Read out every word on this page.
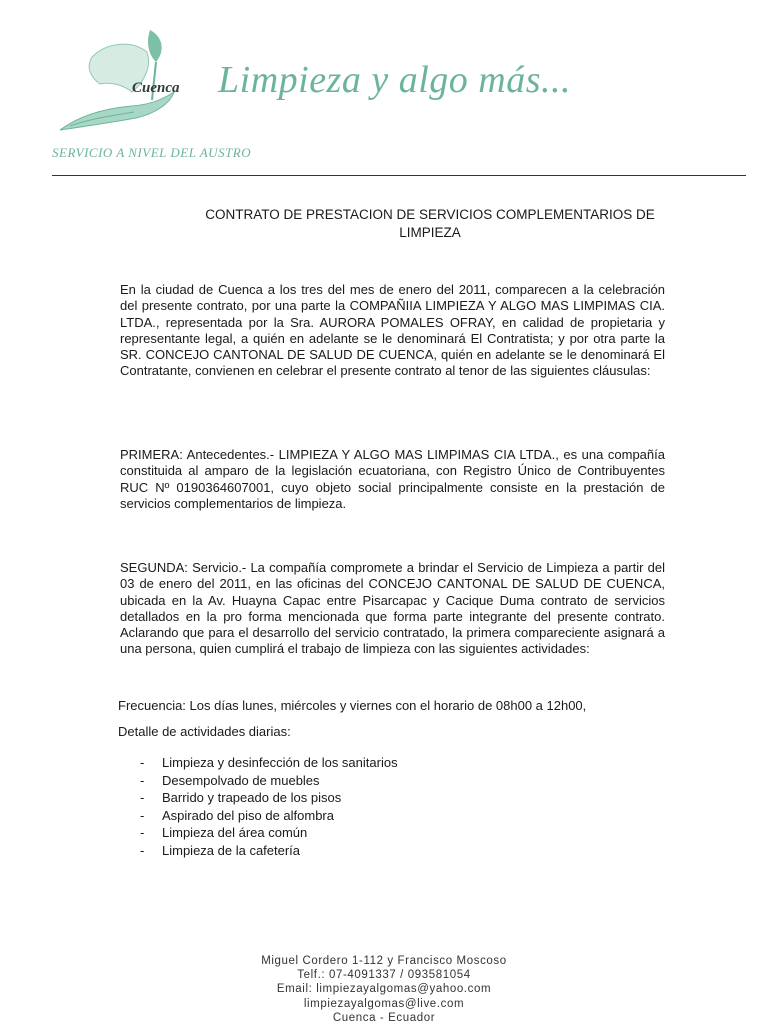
Cuenca Limpieza y algo más...
SERVICIO A NIVEL DEL AUSTRO
CONTRATO DE PRESTACION DE SERVICIOS COMPLEMENTARIOS DE LIMPIEZA
En la ciudad de Cuenca a los tres del mes de enero del 2011, comparecen a la celebración del presente contrato, por una parte la COMPAÑIIA LIMPIEZA Y ALGO MAS LIMPIMAS CIA. LTDA., representada por la Sra. AURORA POMALES OFRAY, en calidad de propietaria y representante legal, a quién en adelante se le denominará El Contratista; y por otra parte la SR. CONCEJO CANTONAL DE SALUD DE CUENCA, quién en adelante se le denominará El Contratante, convienen en celebrar el presente contrato al tenor de las siguientes cláusulas:
PRIMERA: Antecedentes.- LIMPIEZA Y ALGO MAS LIMPIMAS CIA LTDA., es una compañía constituida al amparo de la legislación ecuatoriana, con Registro Único de Contribuyentes RUC Nº 0190364607001, cuyo objeto social principalmente consiste en la prestación de servicios complementarios de limpieza.
SEGUNDA: Servicio.- La compañía compromete a brindar el Servicio de Limpieza a partir del 03 de enero del 2011, en las oficinas del CONCEJO CANTONAL DE SALUD DE CUENCA, ubicada en la Av. Huayna Capac entre Pisarcapac y Cacique Duma contrato de servicios detallados en la pro forma mencionada que forma parte integrante del presente contrato. Aclarando que para el desarrollo del servicio contratado, la primera compareciente asignará a una persona, quien cumplirá el trabajo de limpieza con las siguientes actividades:
Frecuencia: Los días lunes, miércoles y viernes con el horario de 08h00 a 12h00,
Detalle de actividades diarias:
- Limpieza y desinfección de los sanitarios
- Desempolvado de muebles
- Barrido y trapeado de los pisos
- Aspirado del piso de alfombra
- Limpieza del área común
- Limpieza de la cafetería
Miguel Cordero 1-112 y Francisco Moscoso
Telf.: 07-4091337 / 093581054
Email: limpiezayalgomas@yahoo.com
limpiezayalgomas@live.com
Cuenca - Ecuador
